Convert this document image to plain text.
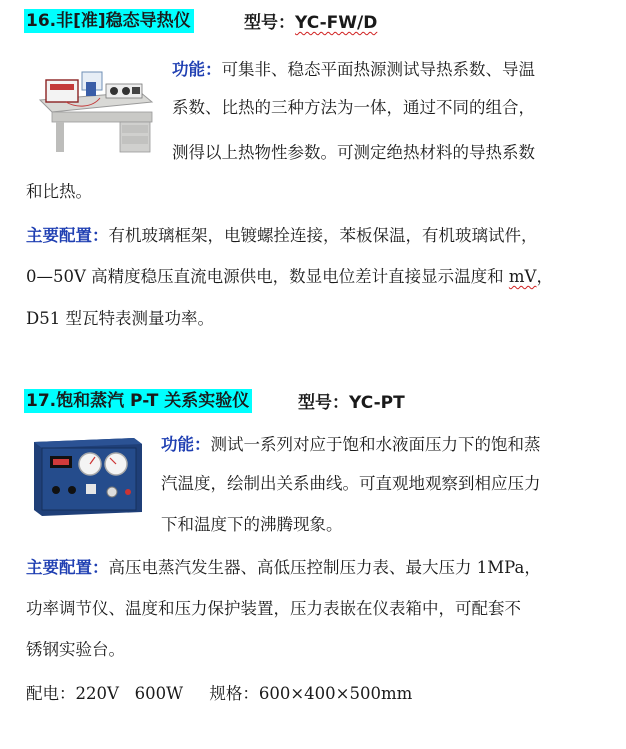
16.非[准]稳态导热仪	型号：YC-FW/D
功能：可集非、稳态平面热源测试导热系数、导温
系数、比热的三种方法为一体，通过不同的组合，
测得以上热物性参数。可测定绝热材料的导热系数
和比热。
主要配置：有机玻璃框架，电镀螺拴连接，苯板保温，有机玻璃试件，
0—50V 高精度稳压直流电源供电，数显电位差计直接显示温度和 mV，
D51 型瓦特表测量功率。
17.饱和蒸汽 P-T 关系实验仪	型号：YC-PT
功能：测试一系列对应于饱和水液面压力下的饱和蒸
汽温度，绘制出关系曲线。可直观地观察到相应压力
下和温度下的沸腾现象。
主要配置：高压电蒸汽发生器、高低压控制压力表、最大压力 1MPa，
功率调节仪、温度和压力保护装置，压力表嵌在仪表箱中，可配套不
锈钢实验台。
配电：220V   600W     规格：600×400×500mm
